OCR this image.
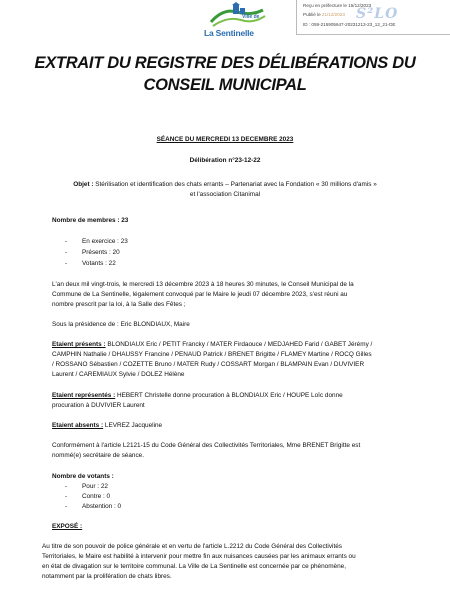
Ville de
La Sentinelle
Reçu en préfecture le 15/12/2023
Publié le 21/12/2023
ID : 059-215905647-20231213-23_12_21-DE
S²LO
EXTRAIT DU REGISTRE DES DÉLIBÉRATIONS DU
CONSEIL MUNICIPAL
SÉANCE DU MERCREDI 13 DECEMBRE 2023
Délibération n°23-12-22
Objet : Stérilisation et identification des chats errants – Partenariat avec la Fondation « 30 millions d'amis »
et l'association Citanimal
Nombre de membres : 23
- En exercice : 23
- Présents : 20
- Votants : 22
L'an deux mil vingt-trois, le mercredi 13 décembre 2023 à 18 heures 30 minutes, le Conseil Municipal de la
Commune de La Sentinelle, légalement convoqué par le Maire le jeudi 07 décembre 2023, s'est réuni au
nombre prescrit par la loi, à la Salle des Fêtes ;
Sous la présidence de : Eric BLONDIAUX, Maire
Etaient présents : BLONDIAUX Eric / PETIT Francky / MATER Firdaouce / MEDJAHED Farid / GABET Jérémy /
CAMPHIN Nathalie / DHAUSSY Francine / PENAUD Patrick / BRENET Brigitte / FLAMEY Martine / ROCQ Gilles
/ ROSSANO Sébastien / COZETTE Bruno / MATER Rudy / COSSART Morgan / BLAMPAIN Evan / DUVIVIER
Laurent / CAREMIAUX Sylvie / DOLEZ Hélène
Etaient représentés : HEBERT Christelle donne procuration à BLONDIAUX Eric / HOUPE Loïc donne
procuration à DUVIVIER Laurent
Etaient absents : LEVREZ Jacqueline
Conformément à l'article L2121-15 du Code Général des Collectivités Territoriales, Mme BRENET Brigitte est
nommé(e) secrétaire de séance.
Nombre de votants :
- Pour : 22
- Contre : 0
- Abstention : 0
EXPOSÉ :
Au titre de son pouvoir de police générale et en vertu de l'article L.2212 du Code Général des Collectivités
Territoriales, le Maire est habilité à intervenir pour mettre fin aux nuisances causées par les animaux errants ou
en état de divagation sur le territoire communal. La Ville de La Sentinelle est concernée par ce phénomène,
notamment par la prolifération de chats libres.
